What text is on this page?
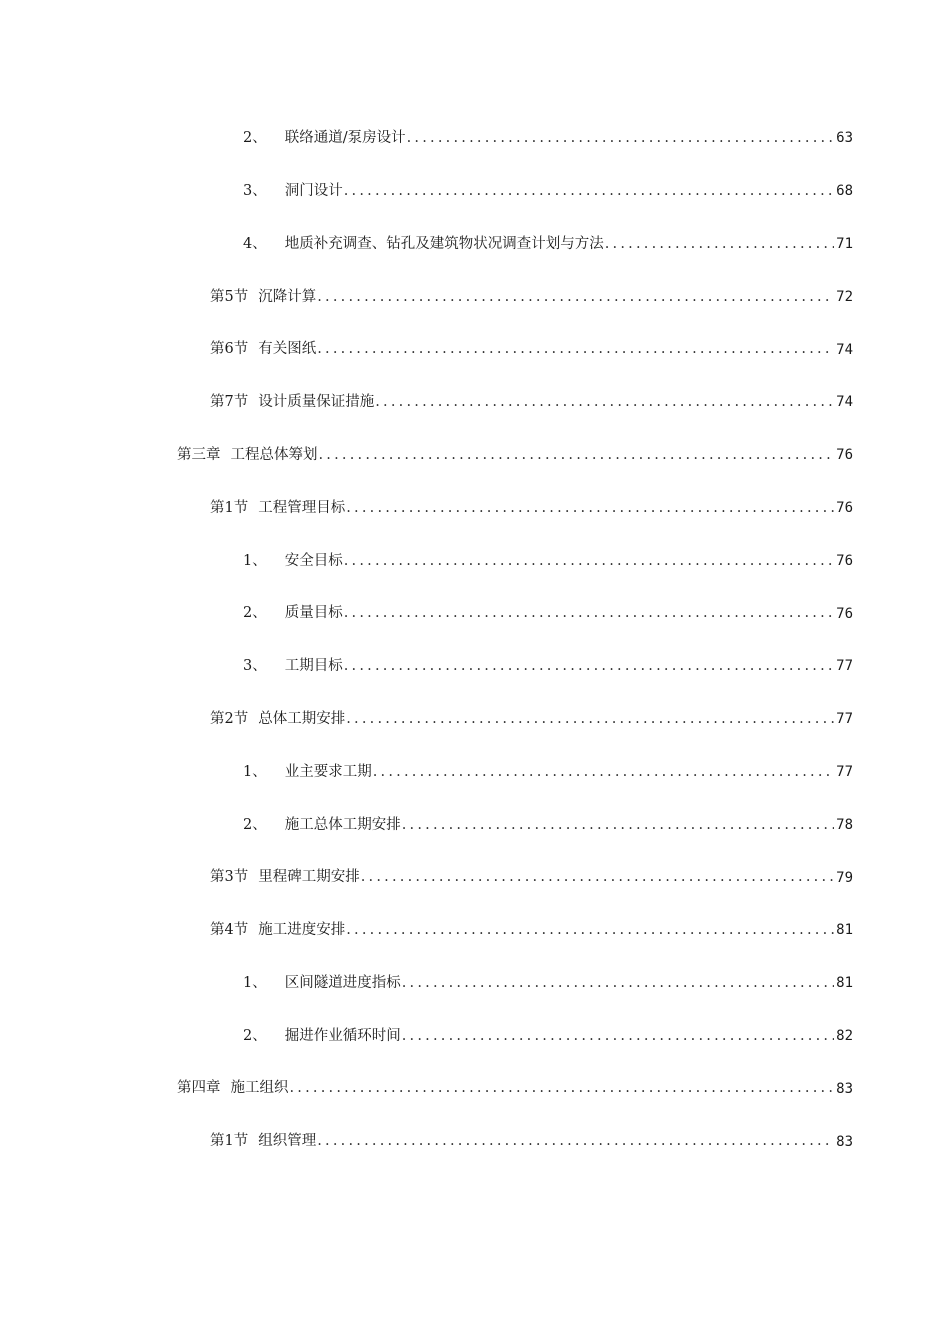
2、 联络通道/泵房设计 .....	63
3、 洞门设计 .....	68
4、 地质补充调查、钻孔及建筑物状况调查计划与方法 .....	71
第5节 沉降计算 .....	72
第6节 有关图纸 .....	74
第7节 设计质量保证措施 .....	74
第三章 工程总体筹划 .....	76
第1节 工程管理目标 .....	76
1、 安全目标 .....	76
2、 质量目标 .....	76
3、 工期目标 .....	77
第2节 总体工期安排 .....	77
1、 业主要求工期 .....	77
2、 施工总体工期安排 .....	78
第3节 里程碑工期安排 .....	79
第4节 施工进度安排 .....	81
1、 区间隧道进度指标 .....	81
2、 掘进作业循环时间 .....	82
第四章 施工组织 .....	83
第1节 组织管理 .....	83
